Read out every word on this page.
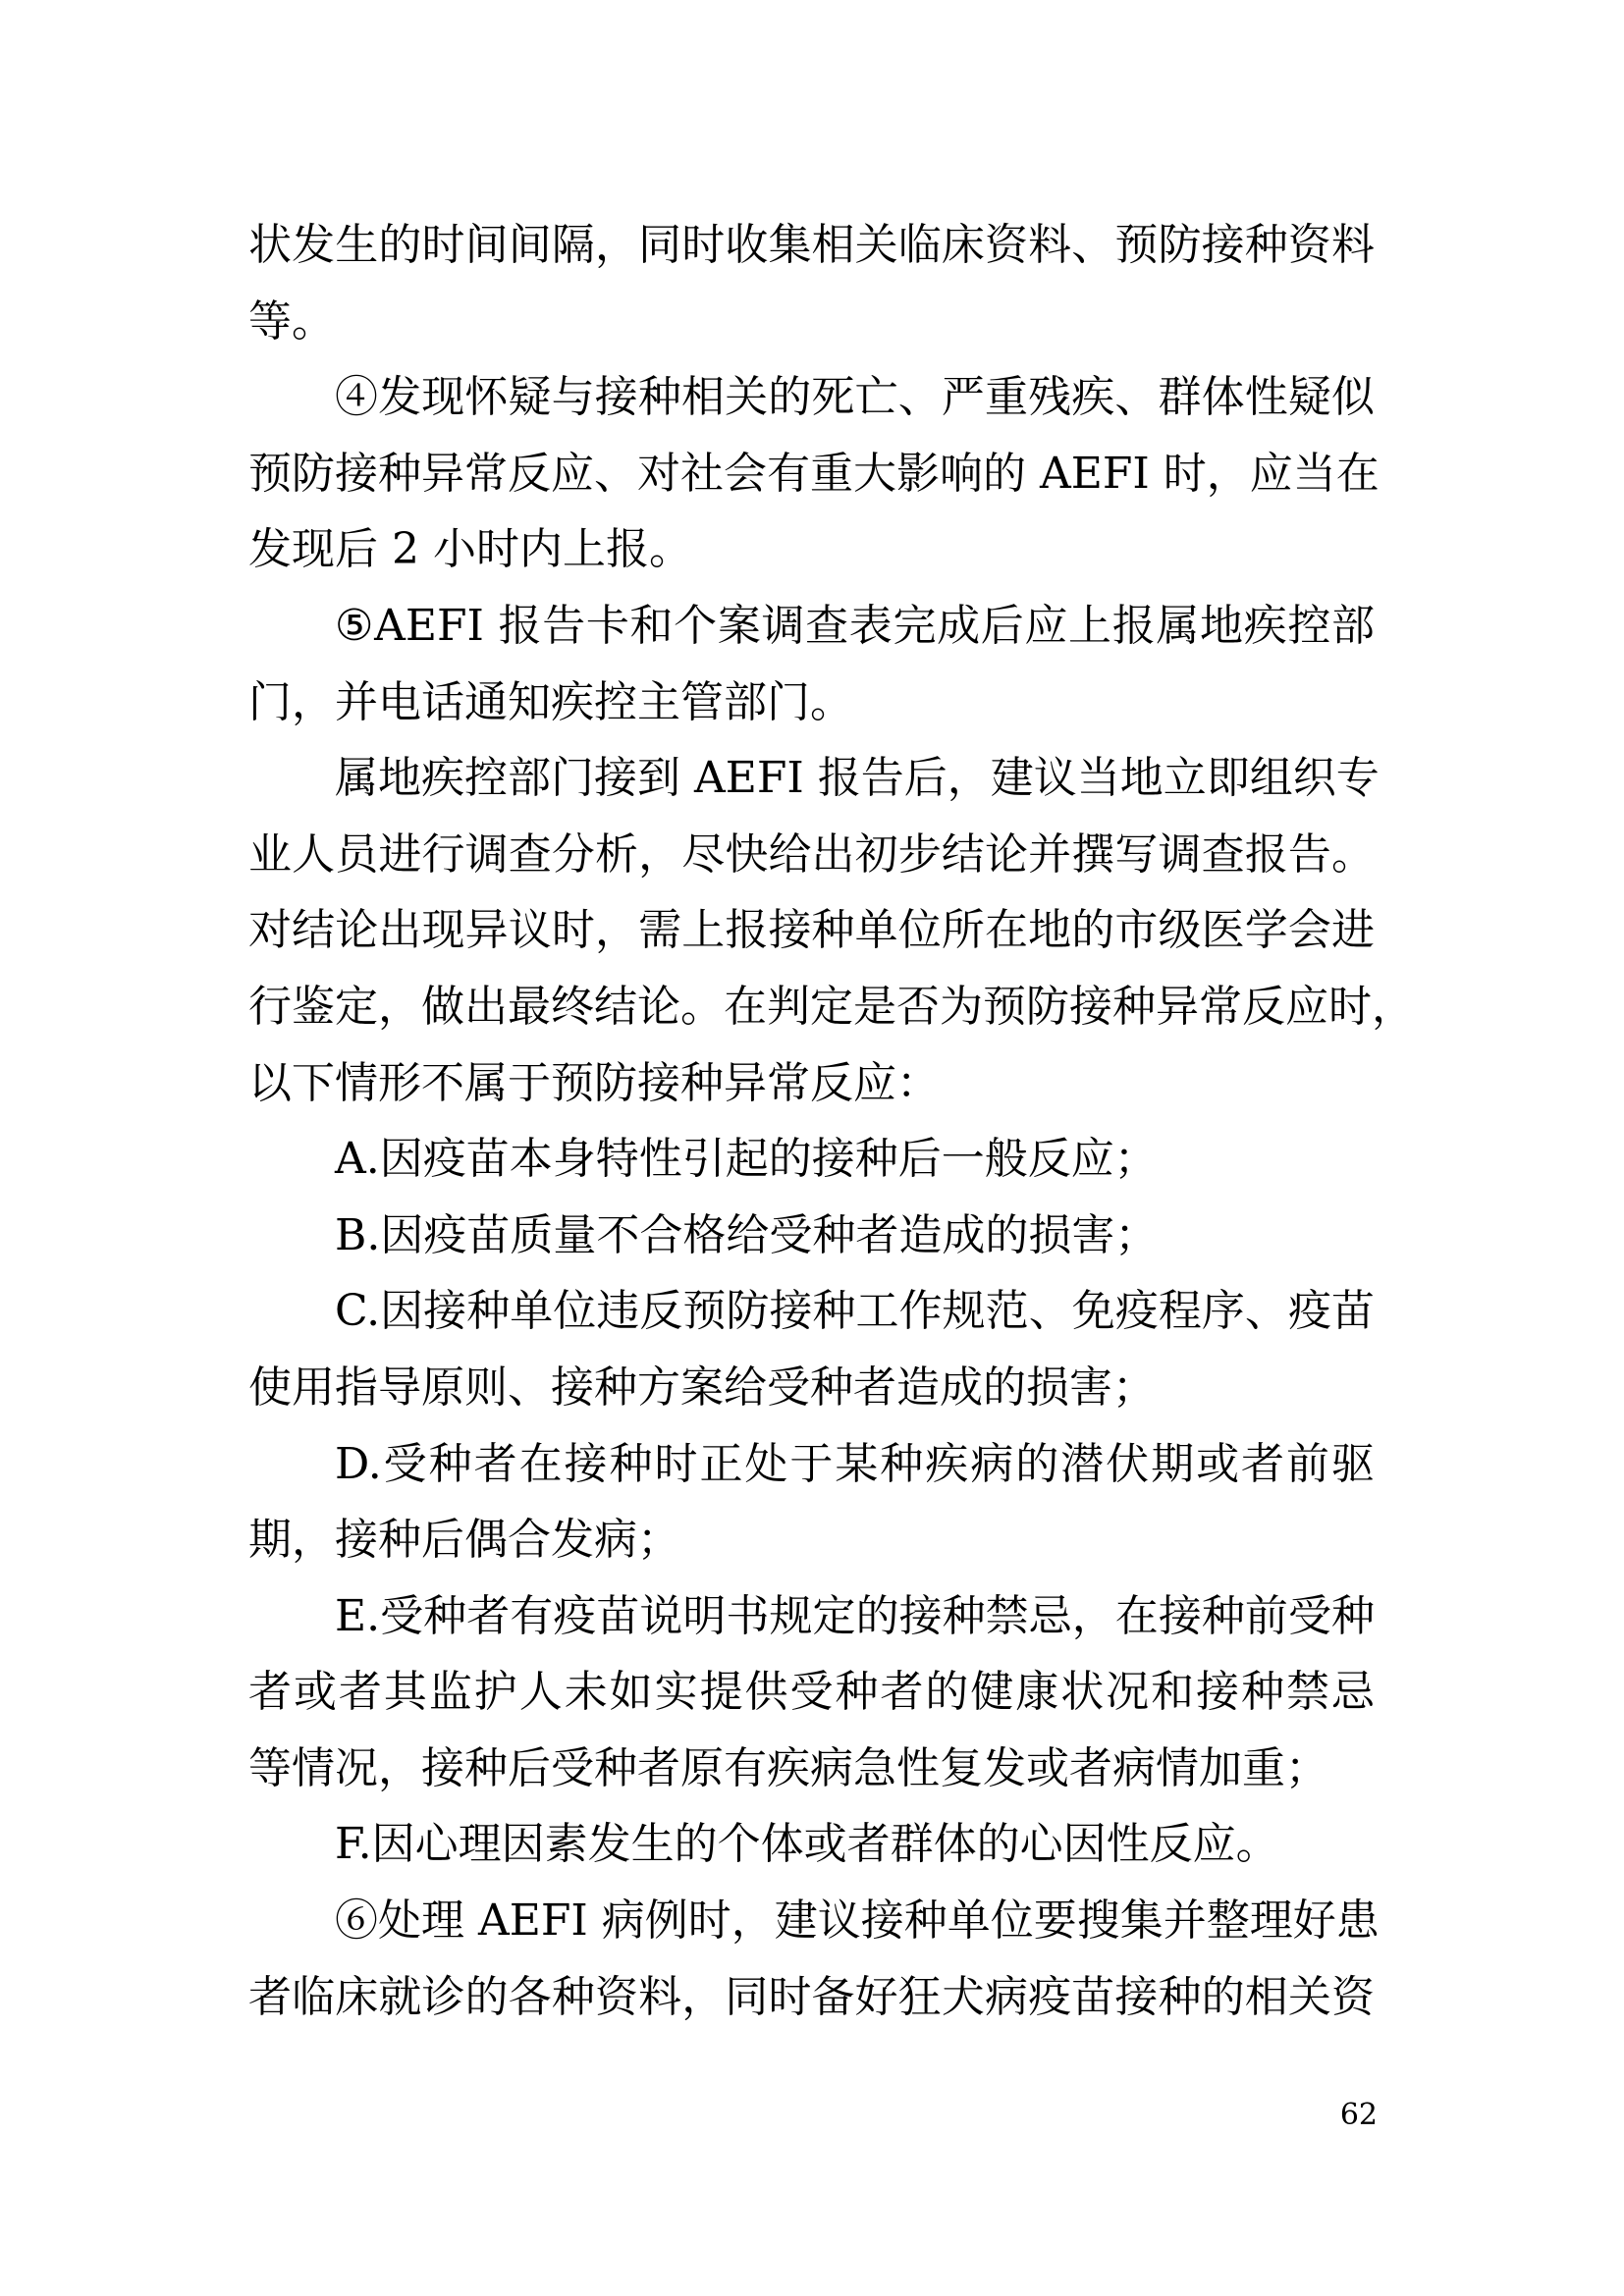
状发生的时间间隔，同时收集相关临床资料、预防接种资料
等。
④发现怀疑与接种相关的死亡、严重残疾、群体性疑似
预防接种异常反应、对社会有重大影响的 AEFI 时，应当在
发现后 2 小时内上报。
⑤AEFI 报告卡和个案调查表完成后应上报属地疾控部
门，并电话通知疾控主管部门。
属地疾控部门接到 AEFI 报告后，建议当地立即组织专
业人员进行调查分析，尽快给出初步结论并撰写调查报告。
对结论出现异议时，需上报接种单位所在地的市级医学会进
行鉴定，做出最终结论。在判定是否为预防接种异常反应时，
以下情形不属于预防接种异常反应：
A.因疫苗本身特性引起的接种后一般反应；
B.因疫苗质量不合格给受种者造成的损害；
C.因接种单位违反预防接种工作规范、免疫程序、疫苗
使用指导原则、接种方案给受种者造成的损害；
D.受种者在接种时正处于某种疾病的潜伏期或者前驱
期，接种后偶合发病；
E.受种者有疫苗说明书规定的接种禁忌，在接种前受种
者或者其监护人未如实提供受种者的健康状况和接种禁忌
等情况，接种后受种者原有疾病急性复发或者病情加重；
F.因心理因素发生的个体或者群体的心因性反应。
⑥处理 AEFI 病例时，建议接种单位要搜集并整理好患
者临床就诊的各种资料，同时备好狂犬病疫苗接种的相关资
62
